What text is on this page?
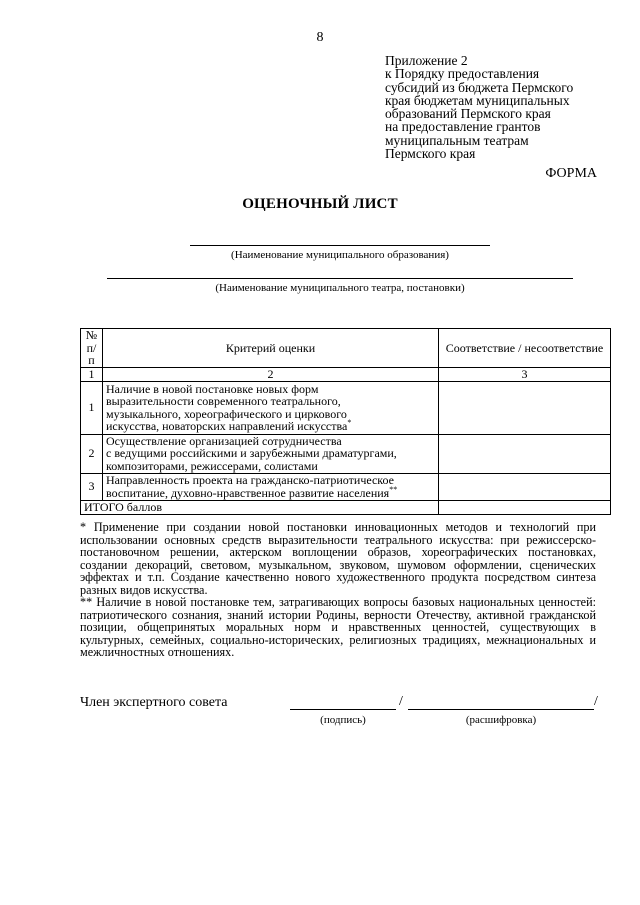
8
Приложение 2
к Порядку предоставления
субсидий из бюджета Пермского
края бюджетам муниципальных
образований Пермского края
на предоставление грантов
муниципальным театрам
Пермского края
ФОРМА
ОЦЕНОЧНЫЙ ЛИСТ
(Наименование муниципального образования)
(Наименование муниципального театра, постановки)
№
п/п	Критерий оценки	Соответствие / несоответствие
1	2	3
1	Наличие в новой постановке новых форм
выразительности современного театрального,
музыкального, хореографического и циркового
искусства, новаторских направлений искусства*

2	Осуществление организацией сотрудничества
с ведущими российскими и зарубежными драматургами,
композиторами, режиссерами, солистами	

3	Направленность проекта на гражданско-патриотическое
воспитание, духовно-нравственное развитие населения**

ИТОГО баллов		

* Применение при создании новой постановки инновационных методов и технологий при использовании основных средств выразительности театрального искусства: при режиссерско-постановочном решении, актерском воплощении образов, хореографических постановках, создании декораций, световом, музыкальном, звуковом, шумовом оформлении, сценических эффектах и т.п. Создание качественно нового художественного продукта посредством синтеза разных видов искусства.

** Наличие в новой постановке тем, затрагивающих вопросы базовых национальных ценностей: патриотического сознания, знаний истории Родины, верности Отечеству, активной гражданской позиции, общепринятых моральных норм и нравственных ценностей, существующих в культурных, семейных, социально-исторических, религиозных традициях, межнациональных и межличностных отношениях.

Член экспертного совета	/	/
(подпись)	(расшифровка)
